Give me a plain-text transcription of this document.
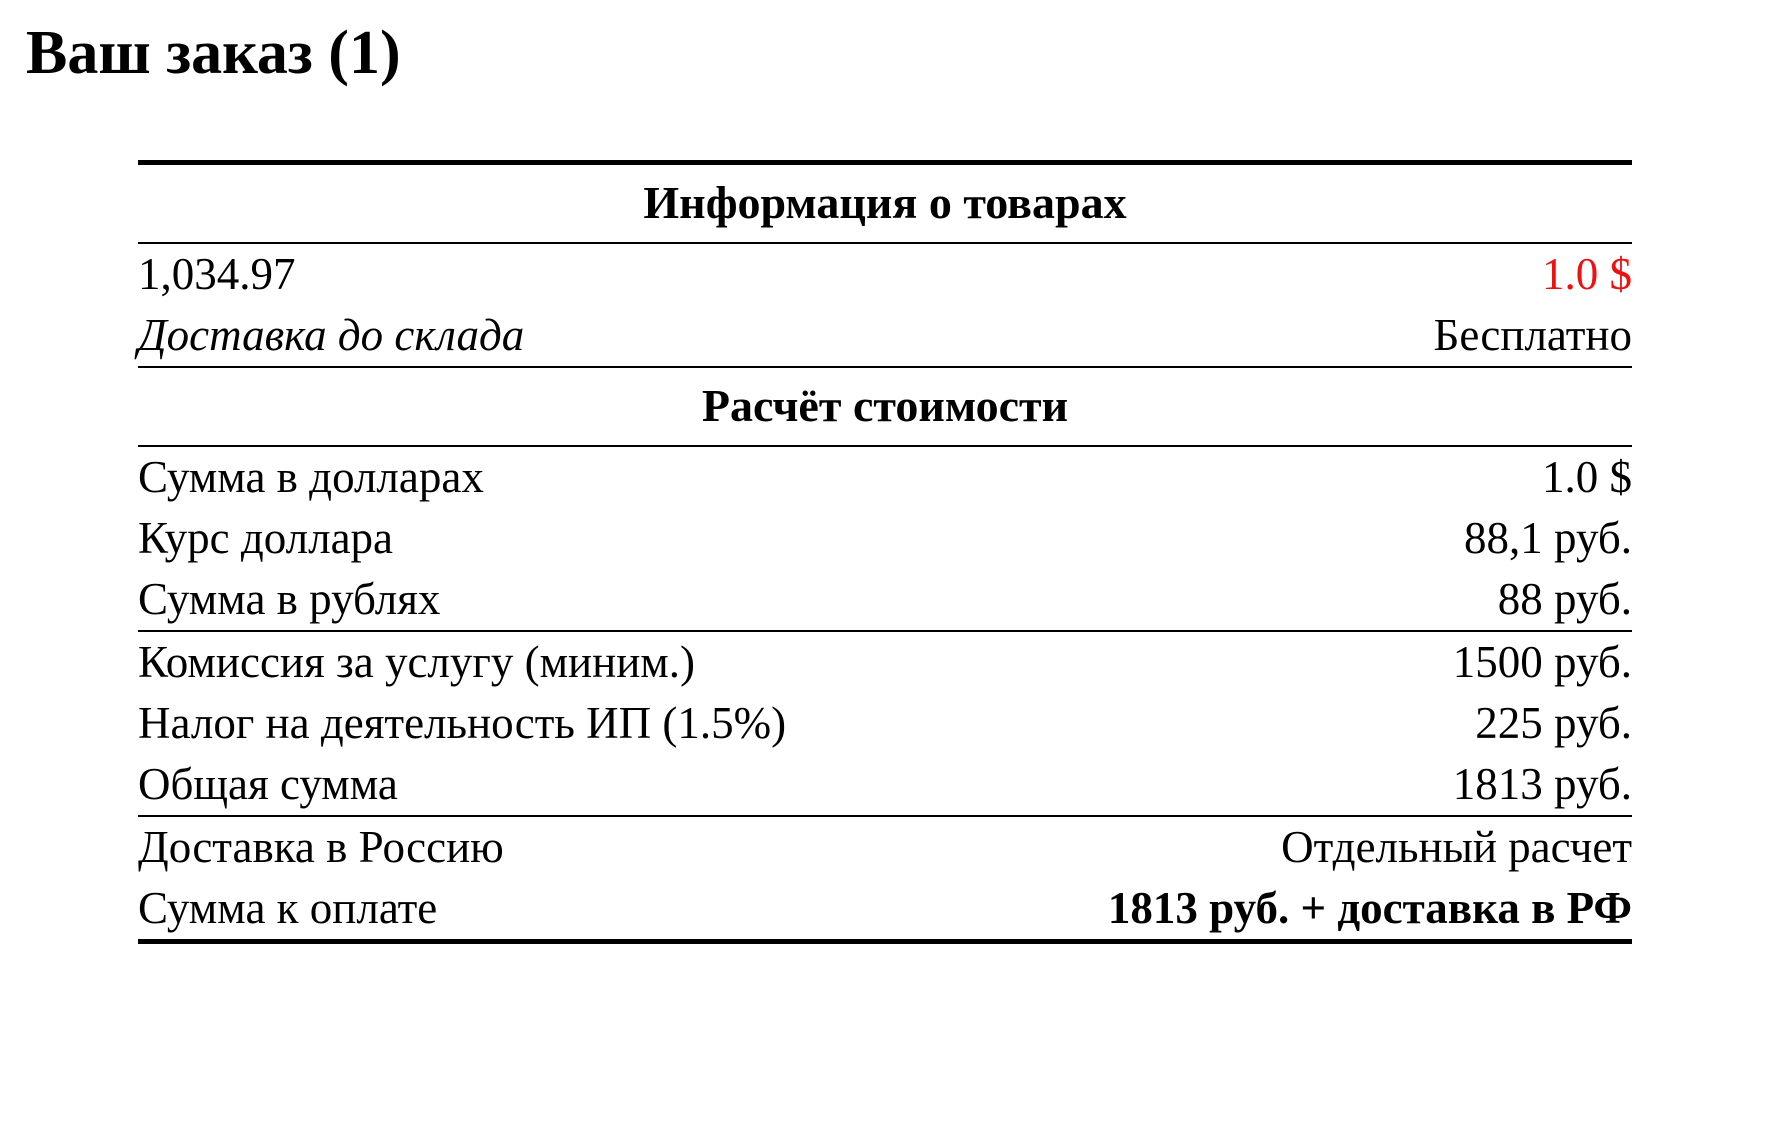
Ваш заказ (1)
Информация о товарах	
1,034.97	1.0 $
Доставка до склада	Бесплатно
Расчёт стоимости	
Сумма в долларах	1.0 $
Курс доллара	88,1 руб.
Сумма в рублях	88 руб.
Комиссия за услугу (миним.)	1500 руб.
Налог на деятельность ИП (1.5%)	225 руб.
Общая сумма	1813 руб.
Доставка в Россию	Отдельный расчет
Сумма к оплате	1813 руб. + доставка в РФ
